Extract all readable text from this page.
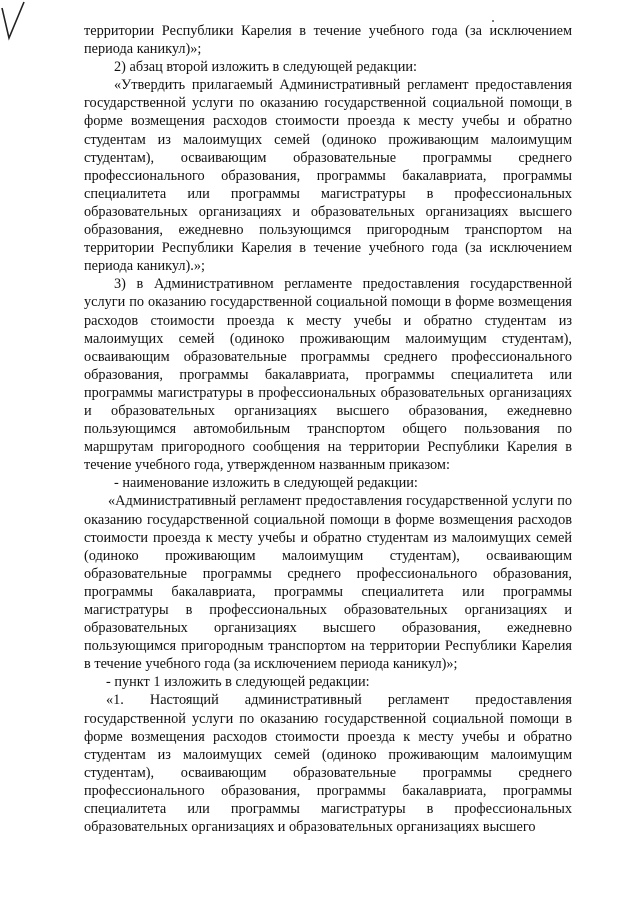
территории Республики Карелия в течение учебного года (за исключением периода каникул)»;

2) абзац второй изложить в следующей редакции:

«Утвердить прилагаемый Административный регламент предоставления государственной услуги по оказанию государственной социальной помощи в форме возмещения расходов стоимости проезда к месту учебы и обратно студентам из малоимущих семей (одиноко проживающим малоимущим студентам), осваивающим образовательные программы среднего профессионального образования, программы бакалавриата, программы специалитета или программы магистратуры в профессиональных образовательных организациях и образовательных организациях высшего образования, ежедневно пользующимся пригородным транспортом на территории Республики Карелия в течение учебного года (за исключением периода каникул).»;

3) в Административном регламенте предоставления государственной услуги по оказанию государственной социальной помощи в форме возмещения расходов стоимости проезда к месту учебы и обратно студентам из малоимущих семей (одиноко проживающим малоимущим студентам), осваивающим образовательные программы среднего профессионального образования, программы бакалавриата, программы специалитета или программы магистратуры в профессиональных образовательных организациях и образовательных организациях высшего образования, ежедневно пользующимся автомобильным транспортом общего пользования по маршрутам пригородного сообщения на территории Республики Карелия в течение учебного года, утвержденном названным приказом:

- наименование изложить в следующей редакции:

«Административный регламент предоставления государственной услуги по оказанию государственной социальной помощи в форме возмещения расходов стоимости проезда к месту учебы и обратно студентам из малоимущих семей (одиноко проживающим малоимущим студентам), осваивающим образовательные программы среднего профессионального образования, программы бакалавриата, программы специалитета или программы магистратуры в профессиональных образовательных организациях и образовательных организациях высшего образования, ежедневно пользующимся пригородным транспортом на территории Республики Карелия в течение учебного года (за исключением периода каникул)»;

- пункт 1 изложить в следующей редакции:

«1. Настоящий административный регламент предоставления государственной услуги по оказанию государственной социальной помощи в форме возмещения расходов стоимости проезда к месту учебы и обратно студентам из малоимущих семей (одиноко проживающим малоимущим студентам), осваивающим образовательные программы среднего профессионального образования, программы бакалавриата, программы специалитета или программы магистратуры в профессиональных образовательных организациях и образовательных организациях высшего
